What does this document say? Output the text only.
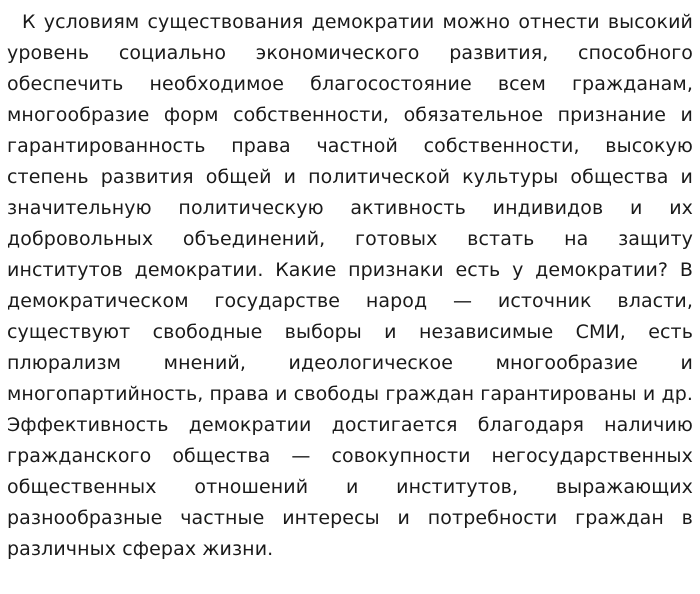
К условиям существования демократии можно отнести высокий уровень социально экономического развития, способного обеспечить необходимое благосостояние всем гражданам, многообразие форм собственности, обязательное признание и гарантированность права частной собственности, высокую степень развития общей и политической культуры общества и значительную политическую активность индивидов и их добровольных объединений, готовых встать на защиту институтов демократии. Какие признаки есть у демократии? В демократическом государстве народ — источник власти, существуют свободные выборы и независимые СМИ, есть плюрализм мнений, идеологическое многообразие и многопартийность, права и свободы граждан гарантированы и др. Эффективность демократии достигается благодаря наличию гражданского общества — совокупности негосударственных общественных отношений и институтов, выражающих разнообразные частные интересы и потребности граждан в различных сферах жизни.
